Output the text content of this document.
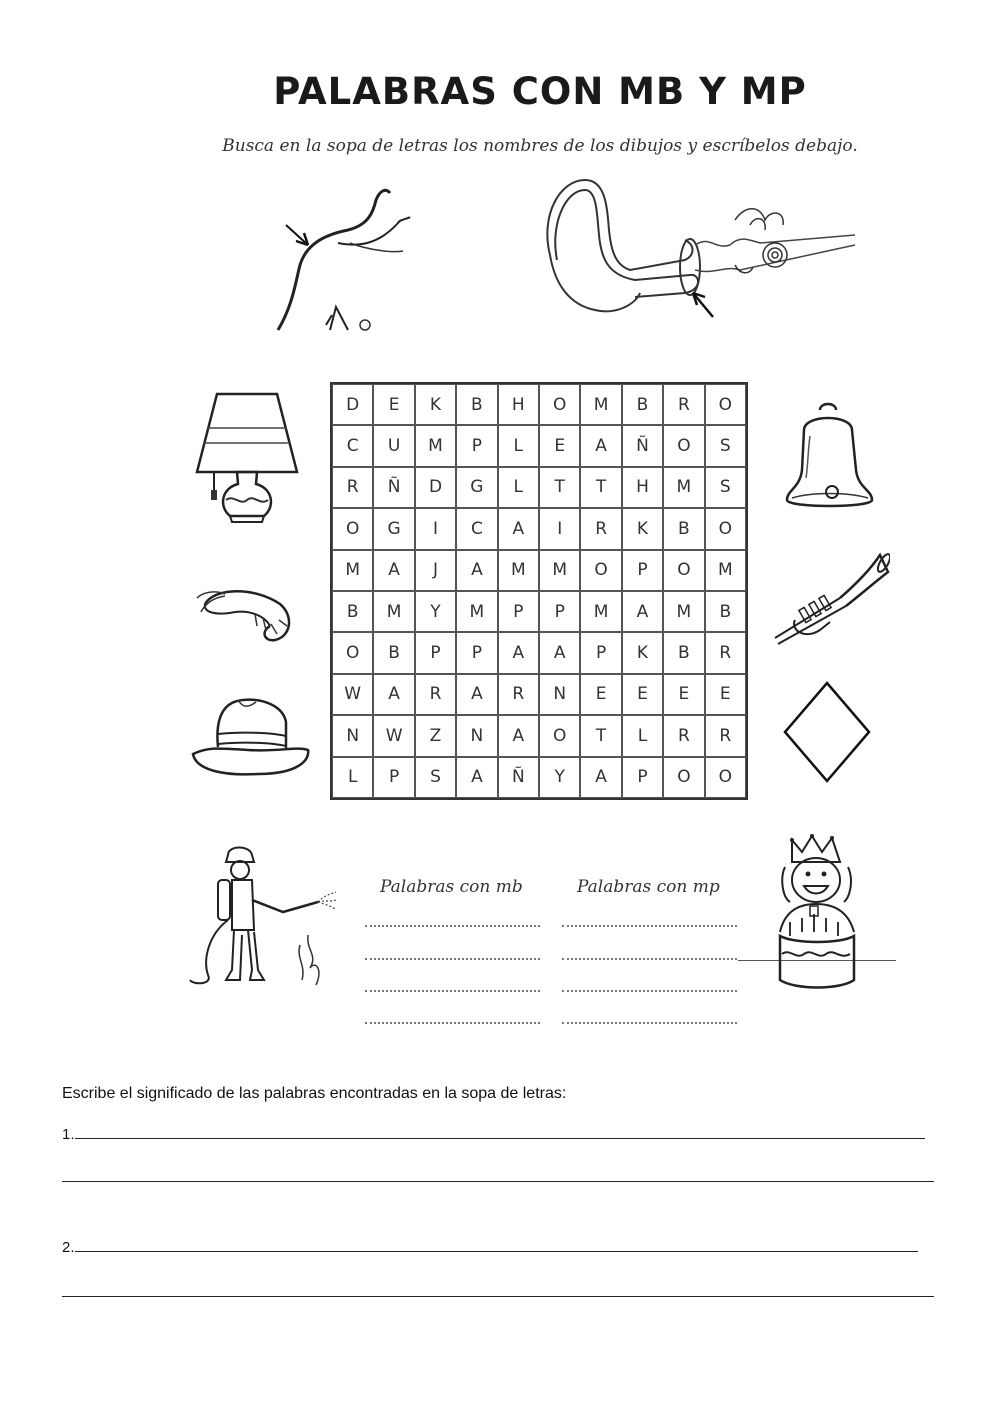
PALABRAS CON MB Y MP
Busca en la sopa de letras los nombres de los dibujos y escríbelos debajo.
D	E	K	B	H	O	M	B	R	O
C	U	M	P	L	E	A	Ñ	O	S
R	Ñ	D	G	L	T	T	H	M	S
O	G	I	C	A	I	R	K	B	O
M	A	J	A	M	M	O	P	O	M
B	M	Y	M	P	P	M	A	M	B
O	B	P	P	A	A	P	K	B	R
W	A	R	A	R	N	E	E	E	E
N	W	Z	N	A	O	T	L	R	R
L	P	S	A	Ñ	Y	A	P	O	O
Palabras con mb	Palabras con mp
Escribe el significado de las palabras encontradas en la sopa de letras:
1.
2.
